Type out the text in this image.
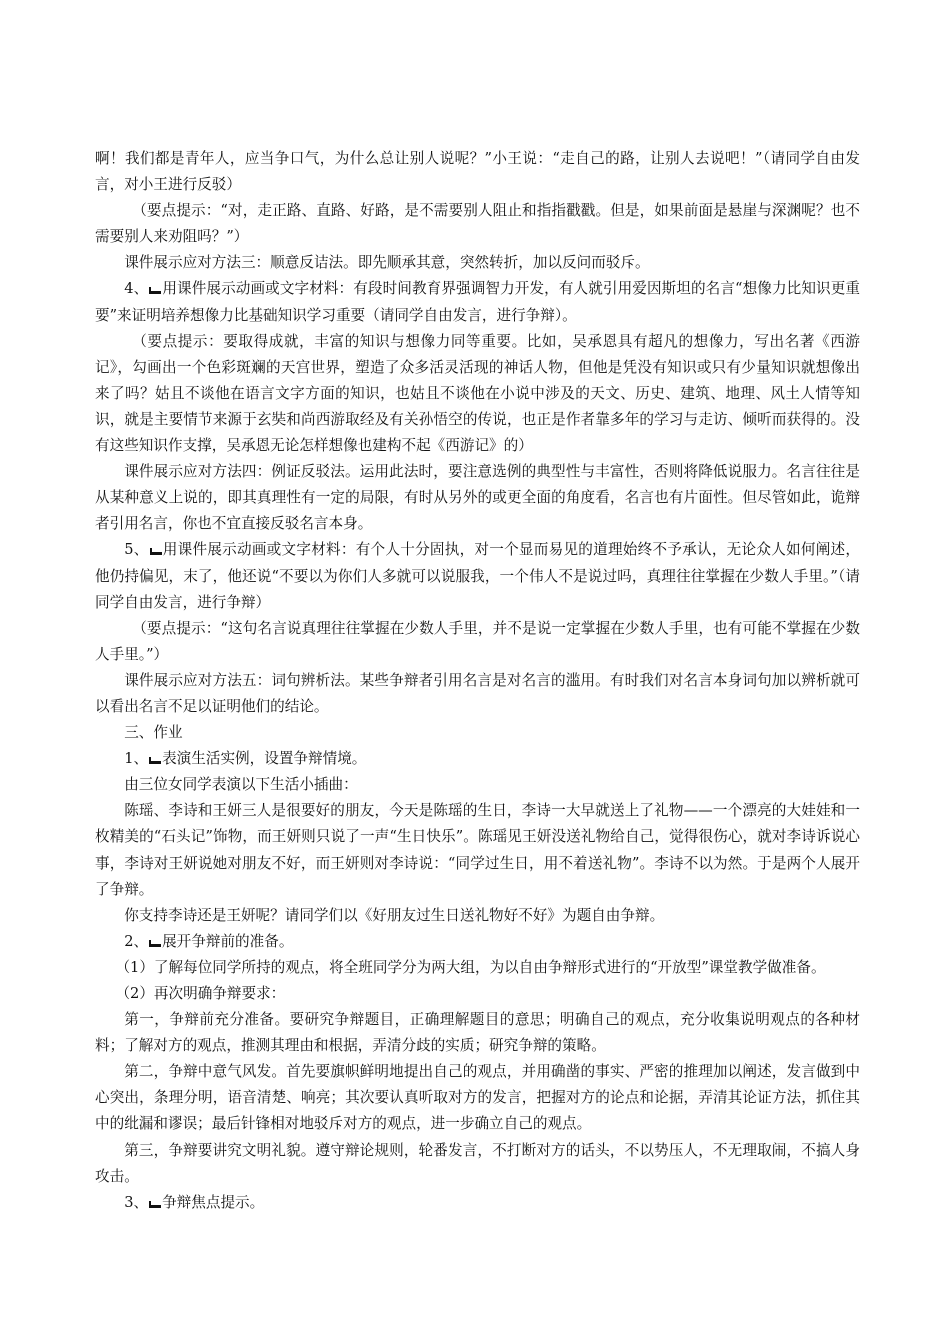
啊！我们都是青年人，应当争口气，为什么总让别人说呢？”小王说：“走自己的路，让别人去说吧！”（请同学自由发言，对小王进行反驳）

（要点提示：“对，走正路、直路、好路，是不需要别人阻止和指指戳戳。但是，如果前面是悬崖与深渊呢？也不需要别人来劝阻吗？”）

课件展示应对方法三：顺意反诘法。即先顺承其意，突然转折，加以反问而驳斥。

4、 用课件展示动画或文字材料：有段时间教育界强调智力开发，有人就引用爱因斯坦的名言“想像力比知识更重要”来证明培养想像力比基础知识学习重要（请同学自由发言，进行争辩）。

（要点提示：要取得成就，丰富的知识与想像力同等重要。比如，吴承恩具有超凡的想像力，写出名著《西游记》，勾画出一个色彩斑斓的天宫世界，塑造了众多活灵活现的神话人物，但他是凭没有知识或只有少量知识就想像出来了吗？姑且不谈他在语言文字方面的知识，也姑且不谈他在小说中涉及的天文、历史、建筑、地理、风土人情等知识，就是主要情节来源于玄奘和尚西游取经及有关孙悟空的传说，也正是作者靠多年的学习与走访、倾听而获得的。没有这些知识作支撑，吴承恩无论怎样想像也建构不起《西游记》的）

课件展示应对方法四：例证反驳法。运用此法时，要注意选例的典型性与丰富性，否则将降低说服力。名言往往是从某种意义上说的，即其真理性有一定的局限，有时从另外的或更全面的角度看，名言也有片面性。但尽管如此，诡辩者引用名言，你也不宜直接反驳名言本身。

5、 用课件展示动画或文字材料：有个人十分固执，对一个显而易见的道理始终不予承认，无论众人如何阐述，他仍持偏见，末了，他还说“不要以为你们人多就可以说服我，一个伟人不是说过吗，真理往往掌握在少数人手里。”（请同学自由发言，进行争辩）

（要点提示：“这句名言说真理往往掌握在少数人手里，并不是说一定掌握在少数人手里，也有可能不掌握在少数人手里。”）

课件展示应对方法五：词句辨析法。某些争辩者引用名言是对名言的滥用。有时我们对名言本身词句加以辨析就可以看出名言不足以证明他们的结论。

三、作业

1、 表演生活实例，设置争辩情境。

由三位女同学表演以下生活小插曲：

陈瑶、李诗和王妍三人是很要好的朋友，今天是陈瑶的生日，李诗一大早就送上了礼物——一个漂亮的大娃娃和一枚精美的“石头记”饰物，而王妍则只说了一声“生日快乐”。陈瑶见王妍没送礼物给自己，觉得很伤心，就对李诗诉说心事，李诗对王妍说她对朋友不好，而王妍则对李诗说：“同学过生日，用不着送礼物”。李诗不以为然。于是两个人展开了争辩。

你支持李诗还是王妍呢？请同学们以《好朋友过生日送礼物好不好》为题自由争辩。

2、 展开争辩前的准备。

（1）了解每位同学所持的观点，将全班同学分为两大组，为以自由争辩形式进行的“开放型”课堂教学做准备。

（2）再次明确争辩要求：

第一，争辩前充分准备。要研究争辩题目，正确理解题目的意思；明确自己的观点，充分收集说明观点的各种材料；了解对方的观点，推测其理由和根据，弄清分歧的实质；研究争辩的策略。

第二，争辩中意气风发。首先要旗帜鲜明地提出自己的观点，并用确凿的事实、严密的推理加以阐述，发言做到中心突出，条理分明，语音清楚、响亮；其次要认真听取对方的发言，把握对方的论点和论据，弄清其论证方法，抓住其中的纰漏和谬误；最后针锋相对地驳斥对方的观点，进一步确立自己的观点。

第三，争辩要讲究文明礼貌。遵守辩论规则，轮番发言，不打断对方的话头，不以势压人，不无理取闹，不搞人身攻击。

3、 争辩焦点提示。
